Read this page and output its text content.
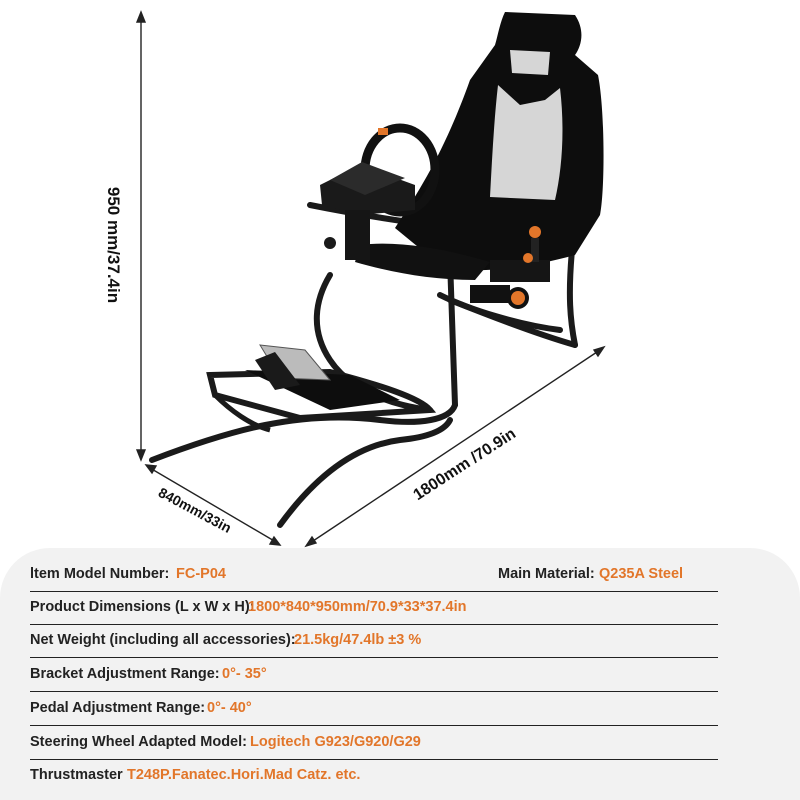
950 mm/37.4in
840mm/33in
1800mm /70.9in
ltem Model Number: FC-P04	Main Material: Q235A Steel
Product Dimensions (L x W x H):
1800*840*950mm/70.9*33*37.4in
Net Weight (including all accessories):
21.5kg/47.4lb ±3 %
Bracket Adjustment Range: 0°- 35°
Pedal Adjustment Range: 0°- 40°
Steering Wheel Adapted Model: Logitech G923/G920/G29
Thrustmaster T248P.Fanatec.Hori.Mad Catz. etc.
